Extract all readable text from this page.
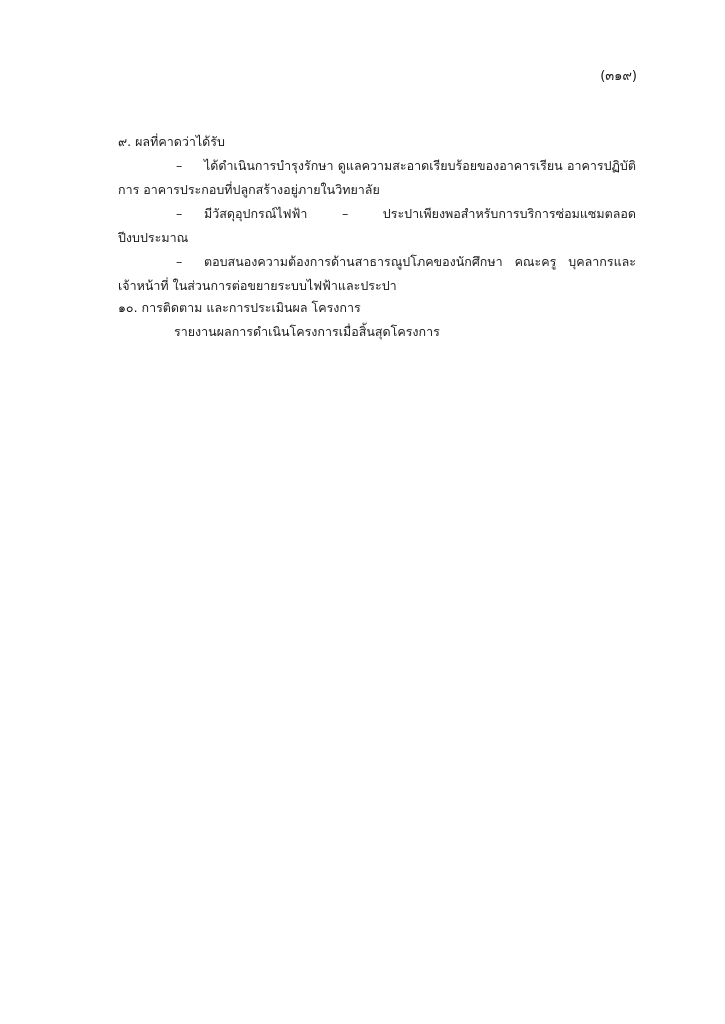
(๓๑๙)

๙. ผลที่คาดว่าได้รับ

– ได้ดำเนินการบำรุงรักษา ดูแลความสะอาดเรียบร้อยของอาคารเรียน อาคารปฏิบัติการ อาคารประกอบที่ปลูกสร้างอยู่ภายในวิทยาลัย

– มีวัสดุอุปกรณ์ไฟฟ้า – ประปาเพียงพอสำหรับการบริการซ่อมแซมตลอดปีงบประมาณ

– ตอบสนองความต้องการด้านสาธารณูปโภคของนักศึกษา คณะครู บุคลากรและเจ้าหน้าที่ ในส่วนการต่อขยายระบบไฟฟ้าและประปา

๑๐. การติดตาม และการประเมินผล โครงการ

รายงานผลการดำเนินโครงการเมื่อสิ้นสุดโครงการ
